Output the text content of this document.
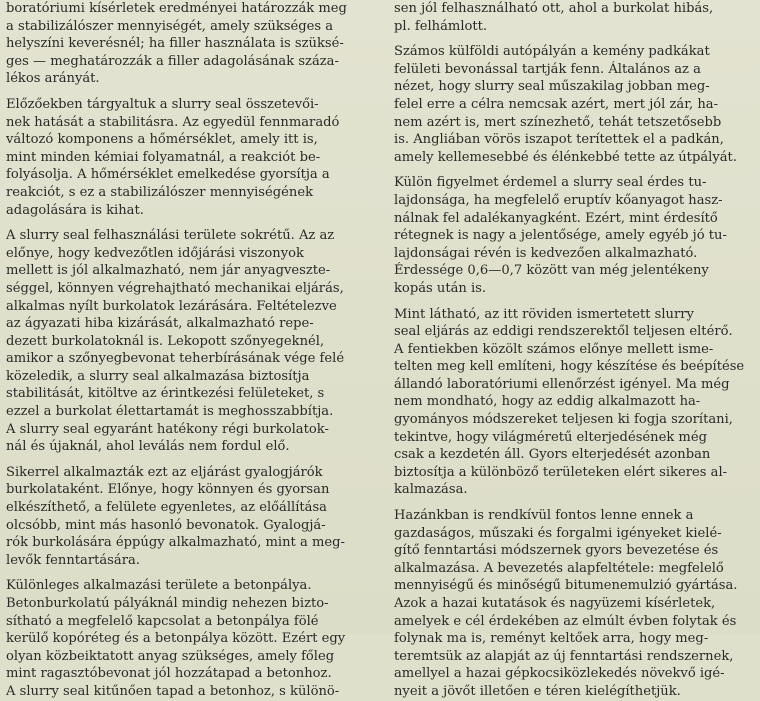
boratóriumi kísérletek eredményei határozzák meg
a stabilizálószer mennyiségét, amely szükséges a
helyszíni keverésnél; ha filler használata is szüksé-
ges — meghatározzák a filler adagolásának száza-
lékos arányát.

Előzőekben tárgyaltuk a slurry seal összetevői-
nek hatását a stabilitásra. Az egyedül fennmaradó
változó komponens a hőmérséklet, amely itt is,
mint minden kémiai folyamatnál, a reakciót be-
folyásolja. A hőmérséklet emelkedése gyorsítja a
reakciót, s ez a stabilizálószer mennyiségének
adagolására is kihat.

A slurry seal felhasználási területe sokrétű. Az az
előnye, hogy kedvezőtlen időjárási viszonyok
mellett is jól alkalmazható, nem jár anyagveszte-
séggel, könnyen végrehajtható mechanikai eljárás,
alkalmas nyílt burkolatok lezárására. Feltételezve
az ágyazati hiba kizárását, alkalmazható repe-
dezett burkolatoknál is. Lekopott szőnyegeknél,
amikor a szőnyegbevonat teherbírásának vége felé
közeledik, a slurry seal alkalmazása biztosítja
stabilitását, kitöltve az érintkezési felületeket, s
ezzel a burkolat élettartamát is meghosszabbítja.
A slurry seal egyaránt hatékony régi burkolatok-
nál és újaknál, ahol leválás nem fordul elő.

Sikerrel alkalmazták ezt az eljárást gyalogjárók
burkolataként. Előnye, hogy könnyen és gyorsan
elkészíthető, a felülete egyenletes, az előállítása
olcsóbb, mint más hasonló bevonatok. Gyalogjá-
rók burkolására éppúgy alkalmazható, mint a meg-
levők fenntartására.

Különleges alkalmazási területe a betonpálya.
Betonburkolatú pályáknál mindig nehezen bizto-
sítható a megfelelő kapcsolat a betonpálya fölé
kerülő kopóréteg és a betonpálya között. Ezért egy
olyan közbeiktatott anyag szükséges, amely főleg
mint ragasztóbevonat jól hozzátapad a betonhoz.
A slurry seal kitűnően tapad a betonhoz, s különö-

sen jól felhasználható ott, ahol a burkolat hibás,
pl. felhámlott.

Számos külföldi autópályán a kemény padkákat
felületi bevonással tartják fenn. Általános az a
nézet, hogy slurry seal műszakilag jobban meg-
felel erre a célra nemcsak azért, mert jól zár, ha-
nem azért is, mert színezhető, tehát tetszetősebb
is. Angliában vörös iszapot terítettek el a padkán,
amely kellemesebbé és élénkebbé tette az útpályát.

Külön figyelmet érdemel a slurry seal érdes tu-
lajdonsága, ha megfelelő eruptív kőanyagot hasz-
nálnak fel adalékanyagként. Ezért, mint érdesítő
rétegnek is nagy a jelentősége, amely egyéb jó tu-
lajdonságai révén is kedvezően alkalmazható.
Érdessége 0,6—0,7 között van még jelentékeny
kopás után is.

Mint látható, az itt röviden ismertetett slurry
seal eljárás az eddigi rendszerektől teljesen eltérő.
A fentiekben közölt számos előnye mellett isme-
telten meg kell említeni, hogy készítése és beépítése
állandó laboratóriumi ellenőrzést igényel. Ma még
nem mondható, hogy az eddig alkalmazott ha-
gyományos módszereket teljesen ki fogja szorítani,
tekintve, hogy világméretű elterjedésének még
csak a kezdetén áll. Gyors elterjedését azonban
biztosítja a különböző területeken elért sikeres al-
kalmazása.

Hazánkban is rendkívül fontos lenne ennek a
gazdaságos, műszaki és forgalmi igényeket kielé-
gítő fenntartási módszernek gyors bevezetése és
alkalmazása. A bevezetés alapfeltétele: megfelelő
mennyiségű és minőségű bitumenemulzió gyártása.
Azok a hazai kutatások és nagyüzemi kísérletek,
amelyek e cél érdekében az elmúlt évben folytak és
folynak ma is, reményt keltőek arra, hogy meg-
teremtsük az alapját az új fenntartási rendszernek,
amellyel a hazai gépkocsiközlekedés növekvő igé-
nyeit a jövőt illetően e téren kielégíthetjük.
